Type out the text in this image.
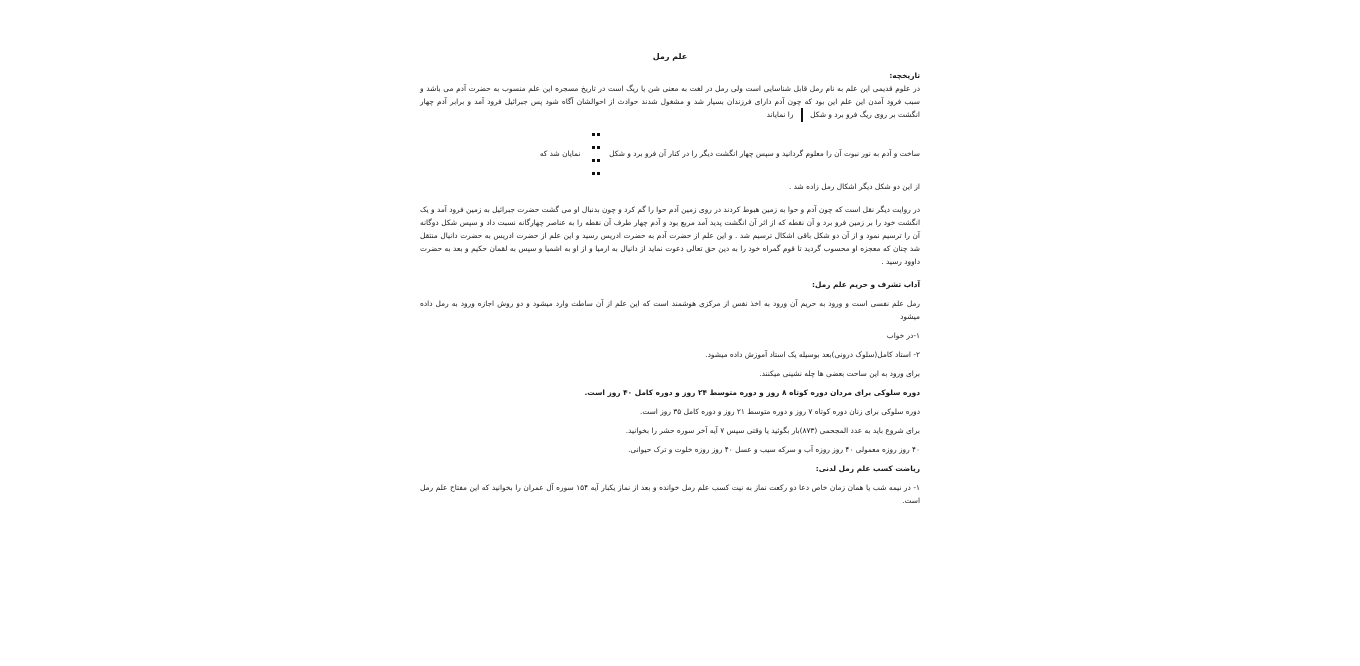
علم رمل
تاریخچه:

در علوم قدیمی این علم به نام رمل قابل شناسایی است ولی رمل در لغت به معنی شن یا ریگ است در تاریخ مسجره این علم منسوب به حضرت آدم می باشد و سبب فرود آمدن این علم این بود که چون آدم دارای فرزندان بسیار شد و مشغول شدند حوادث از احوالشان آگاه شود پس جبرائیل فرود آمد و برابر آدم چهار انگشت بر روی ریگ فرو برد و شکل  را نمایاند

ساخت و آدم به نور نبوت آن را معلوم گردانید و سپس چهار انگشت دیگر را در کنار آن فرو برد و شکل

نمایان شد که
از این دو شکل دیگر اشکال رمل زاده شد .

در روایت دیگر نقل است که چون آدم و حوا به زمین هبوط کردند در روی زمین آدم حوا را گم کرد و چون بدنبال او می گشت حضرت جبرائیل به زمین فرود آمد و یک انگشت خود را بر زمین فرو برد و آن نقطه که از اثر آن انگشت پدید آمد مربع بود و آدم چهار طرف آن نقطه را به عناصر چهارگانه نسبت داد و سپس شکل دوگانه آن را ترسیم نمود و از آن دو شکل باقی اشکال ترسیم شد . و این علم از حضرت آدم به حضرت ادریس رسید و این علم از حضرت ادریس به حضرت دانیال منتقل شد چنان که معجزه او محسوب گردید تا قوم گمراه خود را به دین حق تعالی دعوت نماید از دانیال به ارمیا و از او به اشمیا و سپس به لقمان حکیم و بعد به حضرت داوود رسید .

آداب تشرف و حریم علم رمل:

رمل علم نفسی است و ورود به حریم آن ورود به اخذ نفس از مرکزی هوشمند است که این علم از آن ساطت وارد میشود و دو روش اجازه ورود به رمل داده میشود

۱-در خواب

۲- استاد کامل(سلوک درونی)بعد بوسیله یک استاد آموزش داده میشود.

برای ورود به این ساحت بعضی ها چله نشینی میکنند.

دوره سلوکی برای مردان دوره کوتاه ۸ روز و دوره متوسط ۲۴ روز و دوره کامل ۴۰ روز است.

دوره سلوکی برای زنان دوره کوتاه ۷ روز و دوره متوسط ۲۱ روز و دوره کامل ۳۵ روز است.

برای شروع باید به عدد المجحمی (۸۷۳)بار بگوئید یا وقتی سپس ۷ آیه آخر سوره حشر را بخوانید.

۴۰ روز روزه معمولی ۴۰ روز روزه آب و سرکه سیب و عسل ۴۰ روز روزه خلوت و ترک حیوانی.

ریاضت کسب علم رمل لدنی:

۱- در نیمه شب یا همان زمان خاص دعا دو رکعت نماز به نیت کسب علم رمل خوانده و بعد از نماز یکبار آیه ۱۵۴ سوره آل عمران را بخوانید که این مفتاح علم رمل است.
